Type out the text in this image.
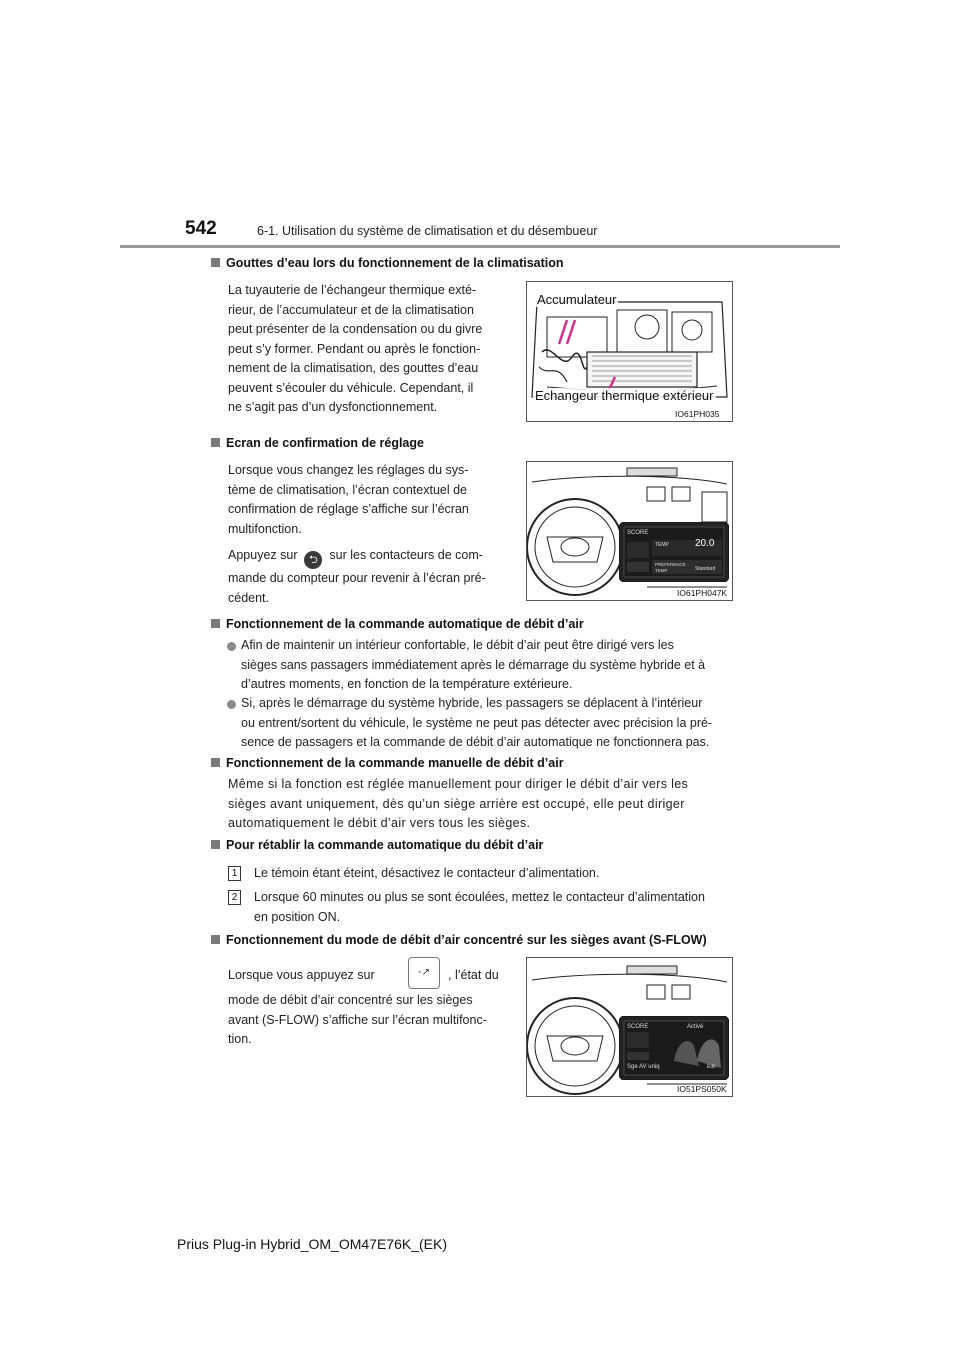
542	6-1. Utilisation du système de climatisation et du désembueur
Gouttes d’eau lors du fonctionnement de la climatisation
La tuyauterie de l’échangeur thermique exté-
rieur, de l’accumulateur et de la climatisation
peut présenter de la condensation ou du givre
peut s’y former. Pendant ou après le fonction-
nement de la climatisation, des gouttes d’eau
peuvent s’écouler du véhicule. Cependant, il
ne s’agit pas d’un dysfonctionnement.
Accumulateur
Echangeur thermique extérieur
IO61PH035
Ecran de confirmation de réglage
Lorsque vous changez les réglages du sys-
tème de climatisation, l’écran contextuel de
confirmation de réglage s’affiche sur l’écran
multifonction.
Appuyez sur ⮌ sur les contacteurs de com-
mande du compteur pour revenir à l’écran pré-
cédent.
SCORE
TEMP	20.0
PREFERENCE
TEMP	Standard
IO61PH047K
Fonctionnement de la commande automatique de débit d’air
Afin de maintenir un intérieur confortable, le débit d’air peut être dirigé vers les
sièges sans passagers immédiatement après le démarrage du système hybride et à
d’autres moments, en fonction de la température extérieure.
Si, après le démarrage du système hybride, les passagers se déplacent à l’intérieur
ou entrent/sortent du véhicule, le système ne peut pas détecter avec précision la pré-
sence de passagers et la commande de débit d’air automatique ne fonctionnera pas.
Fonctionnement de la commande manuelle de débit d’air
Même si la fonction est réglée manuellement pour diriger le débit d’air vers les
sièges avant uniquement, dès qu’un siège arrière est occupé, elle peut diriger
automatiquement le débit d’air vers tous les sièges.
Pour rétablir la commande automatique du débit d’air
1 Le témoin étant éteint, désactivez le contacteur d’alimentation.
2 Lorsque 60 minutes ou plus se sont écoulées, mettez le contacteur d’alimentation
en position ON.
Fonctionnement du mode de débit d’air concentré sur les sièges avant (S-FLOW)
Lorsque vous appuyez sur	◦↗	, l’état du
mode de débit d’air concentré sur les sièges
avant (S-FLOW) s’affiche sur l’écran multifonc-
tion.
SCORE	Activé
Sge AV uniq	Edit
IO51PS050K
Prius Plug-in Hybrid_OM_OM47E76K_(EK)
